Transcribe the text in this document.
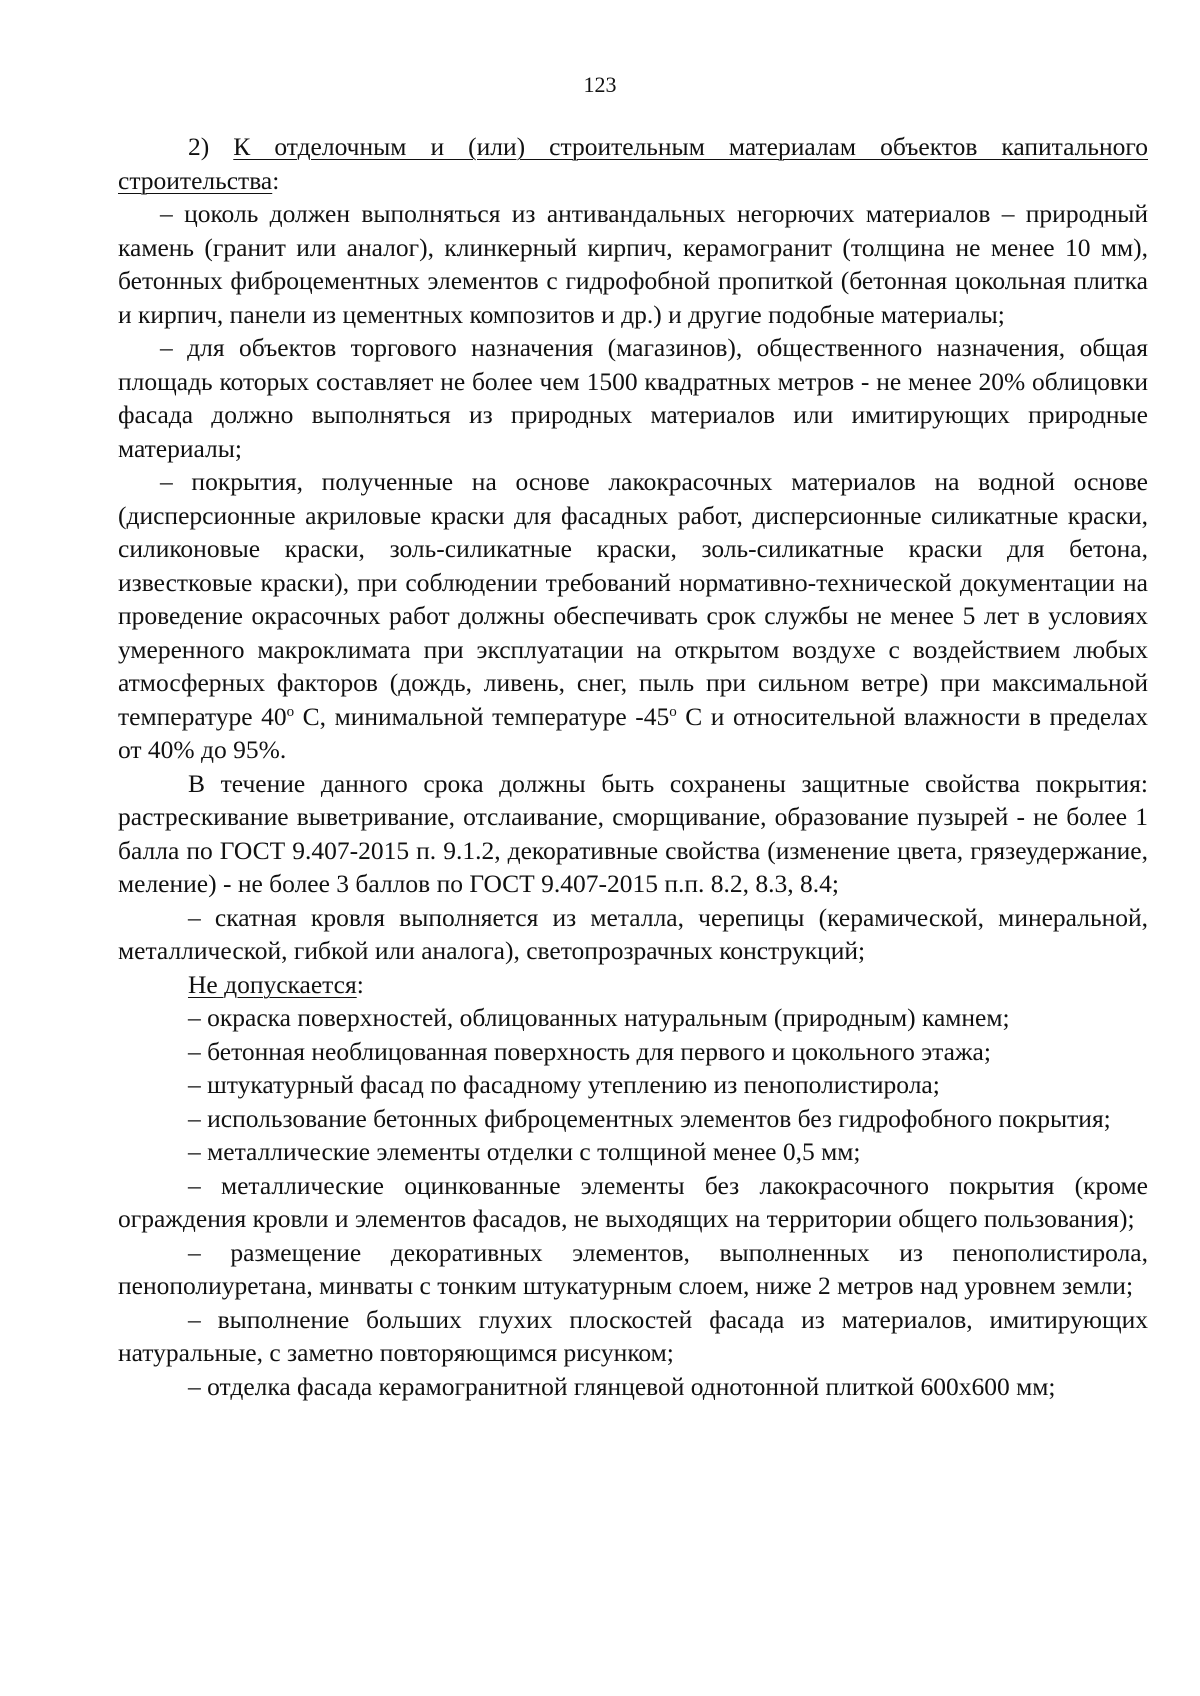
123

2) К отделочным и (или) строительным материалам объектов капитального строительства:

– цоколь должен выполняться из антивандальных негорючих материалов – природный камень (гранит или аналог), клинкерный кирпич, керамогранит (толщина не менее 10 мм), бетонных фиброцементных элементов с гидрофобной пропиткой (бетонная цокольная плитка и кирпич, панели из цементных композитов и др.) и другие подобные материалы;

– для объектов торгового назначения (магазинов), общественного назначения, общая площадь которых составляет не более чем 1500 квадратных метров - не менее 20% облицовки фасада должно выполняться из природных материалов или имитирующих природные материалы;

– покрытия, полученные на основе лакокрасочных материалов на водной основе (дисперсионные акриловые краски для фасадных работ, дисперсионные силикатные краски, силиконовые краски, золь-силикатные краски, золь-силикатные краски для бетона, известковые краски), при соблюдении требований нормативно-технической документации на проведение окрасочных работ должны обеспечивать срок службы не менее 5 лет в условиях умеренного макроклимата при эксплуатации на открытом воздухе с воздействием любых атмосферных факторов (дождь, ливень, снег, пыль при сильном ветре) при максимальной температуре 40$^o$ С, минимальной температуре -45$^o$ С и относительной влажности в пределах от 40% до 95%.

В течение данного срока должны быть сохранены защитные свойства покрытия: растрескивание выветривание, отслаивание, сморщивание, образование пузырей - не более 1 балла по ГОСТ 9.407-2015 п. 9.1.2, декоративные свойства (изменение цвета, грязеудержание, меление) - не более 3 баллов по ГОСТ 9.407-2015 п.п. 8.2, 8.3, 8.4;

– скатная кровля выполняется из металла, черепицы (керамической, минеральной, металлической, гибкой или аналога), светопрозрачных конструкций;

Не допускается:

– окраска поверхностей, облицованных натуральным (природным) камнем;

– бетонная необлицованная поверхность для первого и цокольного этажа;

– штукатурный фасад по фасадному утеплению из пенополистирола;

– использование бетонных фиброцементных элементов без гидрофобного покрытия;

– металлические элементы отделки с толщиной менее 0,5 мм;

– металлические оцинкованные элементы без лакокрасочного покрытия (кроме ограждения кровли и элементов фасадов, не выходящих на территории общего пользования);

– размещение декоративных элементов, выполненных из пенополистирола, пенополиуретана, минваты с тонким штукатурным слоем, ниже 2 метров над уровнем земли;

– выполнение больших глухих плоскостей фасада из материалов, имитирующих натуральные, с заметно повторяющимся рисунком;

– отделка фасада керамогранитной глянцевой однотонной плиткой 600х600 мм;
